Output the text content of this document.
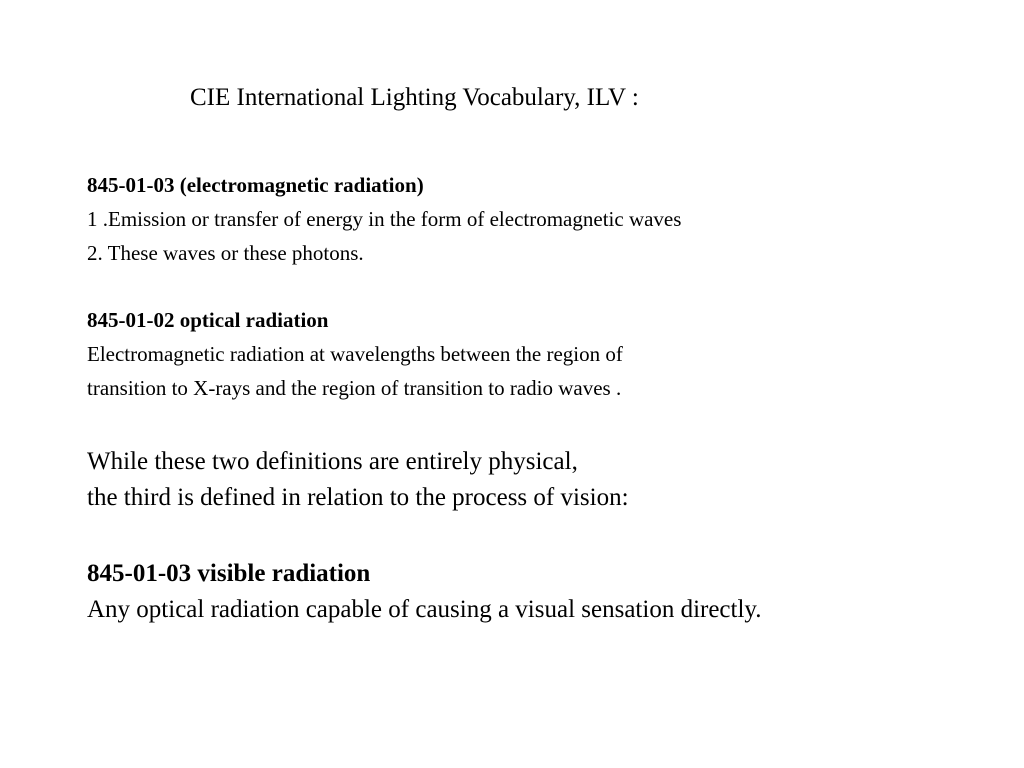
CIE International Lighting Vocabulary, ILV :
845-01-03 (electromagnetic radiation)
1 .Emission or transfer of energy in the form of electromagnetic waves
2. These waves or these photons.
845-01-02 optical radiation
Electromagnetic radiation at wavelengths between the region of
transition to X-rays and the region of transition to radio waves .
While these two definitions are entirely physical,
the third is defined in relation to the process of vision:
845-01-03 visible radiation
Any optical radiation capable of causing a visual sensation directly.
